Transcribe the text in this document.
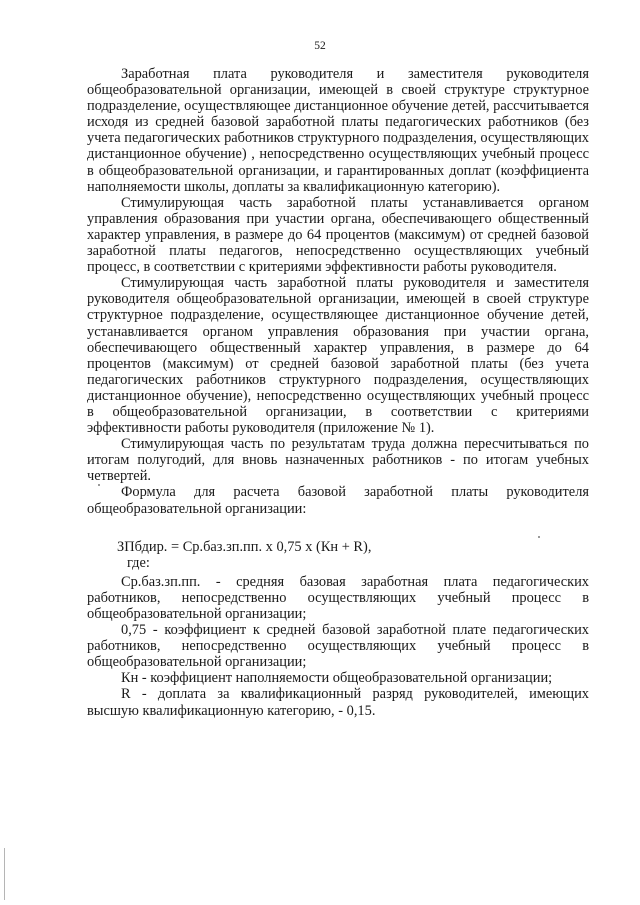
52

Заработная плата руководителя и заместителя руководителя общеобразовательной организации, имеющей в своей структуре структурное подразделение, осуществляющее дистанционное обучение детей, рассчитывается исходя из средней базовой заработной платы педагогических работников (без учета педагогических работников структурного подразделения, осуществляющих дистанционное обучение) , непосредственно осуществляющих учебный процесс в общеобразовательной организации, и гарантированных доплат (коэффициента наполняемости школы, доплаты за квалификационную категорию).

Стимулирующая часть заработной платы устанавливается органом управления образования при участии органа, обеспечивающего общественный характер управления, в размере до 64 процентов (максимум) от средней базовой заработной платы педагогов, непосредственно осуществляющих учебный процесс, в соответствии с критериями эффективности работы руководителя.

Стимулирующая часть заработной платы руководителя и заместителя руководителя общеобразовательной организации, имеющей в своей структуре структурное подразделение, осуществляющее дистанционное обучение детей, устанавливается органом управления образования при участии органа, обеспечивающего общественный характер управления, в размере до 64 процентов (максимум) от средней базовой заработной платы (без учета педагогических работников структурного подразделения, осуществляющих дистанционное обучение), непосредственно осуществляющих учебный процесс в общеобразовательной организации, в соответствии с критериями эффективности работы руководителя (приложение № 1).

Стимулирующая часть по результатам труда должна пересчитываться по итогам полугодий, для вновь назначенных работников - по итогам учебных четвертей.

Формула для расчета базовой заработной платы руководителя общеобразовательной организации:

ЗПбдир. = Ср.баз.зп.пп. х 0,75 х (Кн + R),

где:

Ср.баз.зп.пп. - средняя базовая заработная плата педагогических работников, непосредственно осуществляющих учебный процесс в общеобразовательной организации;

0,75 - коэффициент к средней базовой заработной плате педагогических работников, непосредственно осуществляющих учебный процесс в общеобразовательной организации;

Кн - коэффициент наполняемости общеобразовательной организации;

R - доплата за квалификационный разряд руководителей, имеющих высшую квалификационную категорию, - 0,15.
